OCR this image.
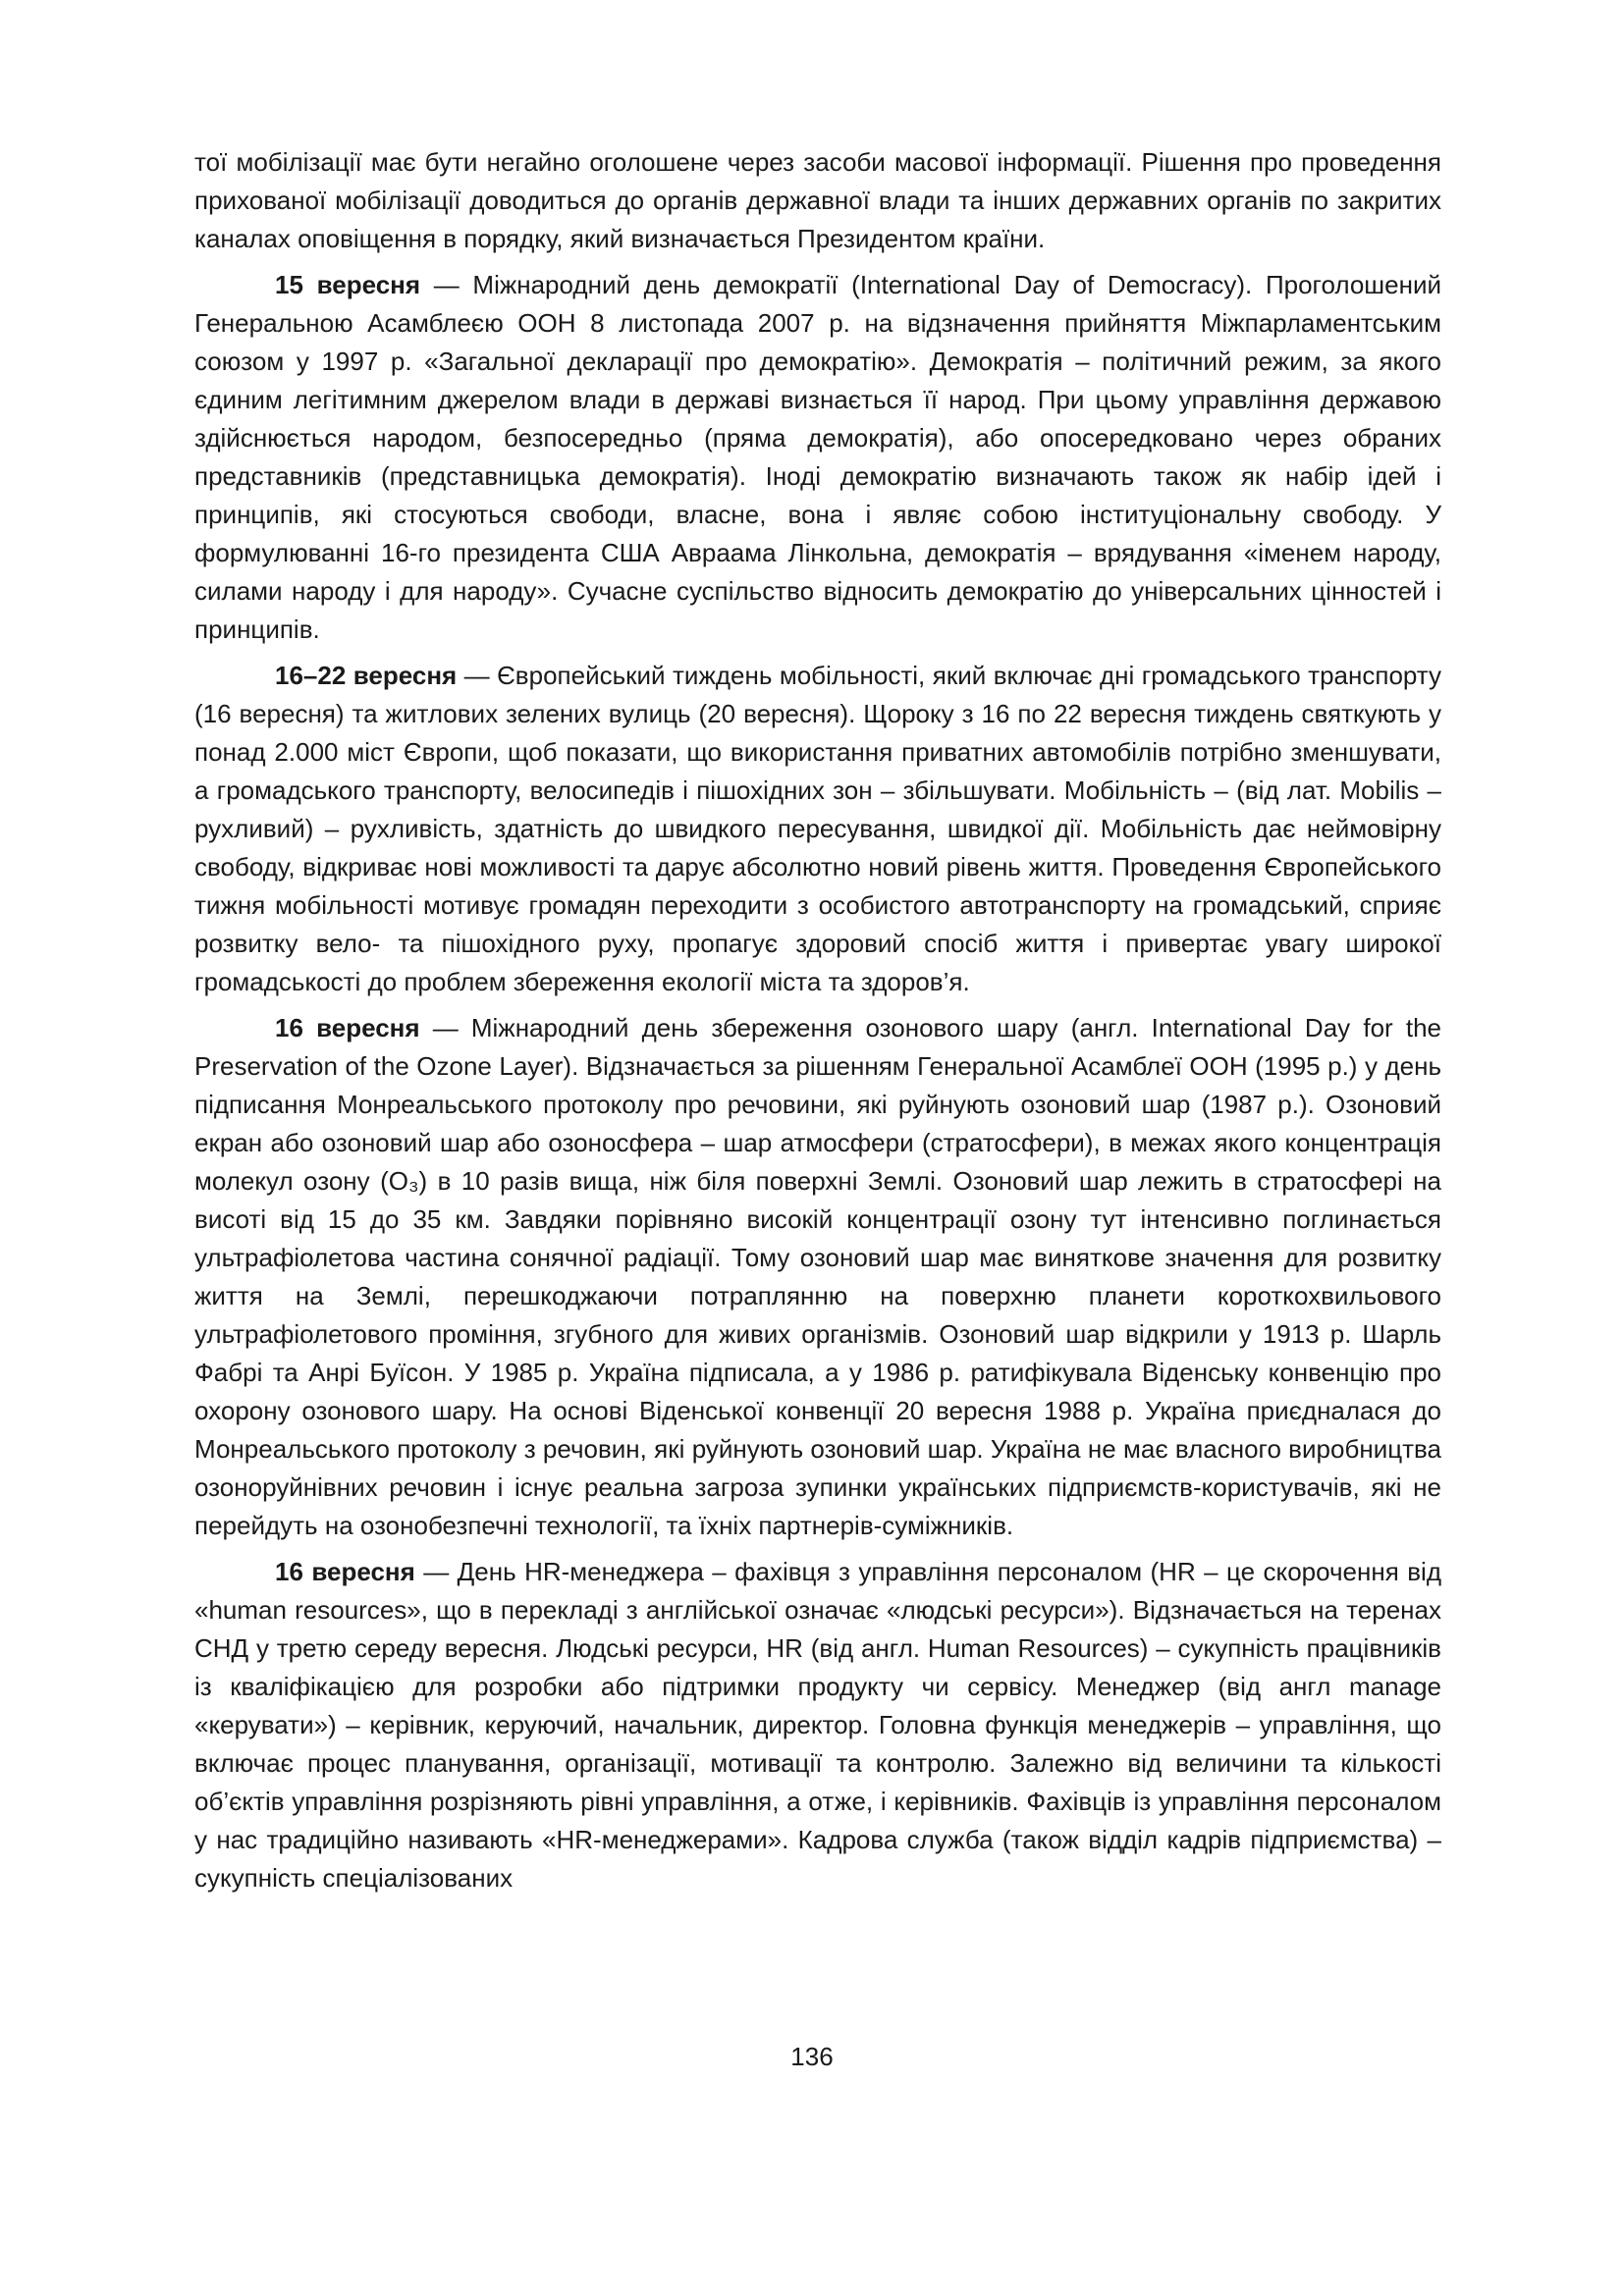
тої мобілізації має бути негайно оголошене через засоби масової інформації. Рішення про проведення прихованої мобілізації доводиться до органів державної влади та інших державних органів по закритих каналах оповіщення в порядку, який визначається Президентом країни.

15 вересня — Міжнародний день демократії (International Day of Democracy). Проголошений Генеральною Асамблеєю ООН 8 листопада 2007 р. на відзначення прийняття Міжпарламентським союзом у 1997 р. «Загальної декларації про демократію». Демократія – політичний режим, за якого єдиним легітимним джерелом влади в державі визнається її народ. При цьому управління державою здійснюється народом, безпосередньо (пряма демократія), або опосередковано через обраних представників (представницька демократія). Іноді демократію визначають також як набір ідей і принципів, які стосуються свободи, власне, вона і являє собою інституціональну свободу. У формулюванні 16-го президента США Авраама Лінкольна, демократія – врядування «іменем народу, силами народу і для народу». Сучасне суспільство відносить демократію до універсальних цінностей і принципів.

16–22 вересня — Європейський тиждень мобільності, який включає дні громадського транспорту (16 вересня) та житлових зелених вулиць (20 вересня). Щороку з 16 по 22 вересня тиждень святкують у понад 2.000 міст Європи, щоб показати, що використання приватних автомобілів потрібно зменшувати, а громадського транспорту, велосипедів і пішохідних зон – збільшувати. Мобільність – (від лат. Mobilis – рухливий) – рухливість, здатність до швидкого пересування, швидкої дії. Мобільність дає неймовірну свободу, відкриває нові можливості та дарує абсолютно новий рівень життя. Проведення Європейського тижня мобільності мотивує громадян переходити з особистого автотранспорту на громадський, сприяє розвитку вело- та пішохідного руху, пропагує здоровий спосіб життя і привертає увагу широкої громадськості до проблем збереження екології міста та здоров’я.

16 вересня — Міжнародний день збереження озонового шару (англ. International Day for the Preservation of the Ozone Layer). Відзначається за рішенням Генеральної Асамблеї ООН (1995 р.) у день підписання Монреальського протоколу про речовини, які руйнують озоновий шар (1987 р.). Озоновий екран або озоновий шар або озоносфера – шар атмосфери (стратосфери), в межах якого концентрація молекул озону (O₃) в 10 разів вища, ніж біля поверхні Землі. Озоновий шар лежить в стратосфері на висоті від 15 до 35 км. Завдяки порівняно високій концентрації озону тут інтенсивно поглинається ультрафіолетова частина сонячної радіації. Тому озоновий шар має виняткове значення для розвитку життя на Землі, перешкоджаючи потраплянню на поверхню планети короткохвильового ультрафіолетового проміння, згубного для живих організмів. Озоновий шар відкрили у 1913 р. Шарль Фабрі та Анрі Буїсон. У 1985 р. Україна підписала, а у 1986 р. ратифікувала Віденську конвенцію про охорону озонового шару. На основі Віденської конвенції 20 вересня 1988 р. Україна приєдналася до Монреальського протоколу з речовин, які руйнують озоновий шар. Україна не має власного виробництва озоноруйнівних речовин і існує реальна загроза зупинки українських підприємств-користувачів, які не перейдуть на озонобезпечні технології, та їхніх партнерів-суміжників.

16 вересня — День HR-менеджера – фахівця з управління персоналом (HR – це скорочення від «human resources», що в перекладі з англійської означає «людські ресурси»). Відзначається на теренах СНД у третю середу вересня. Людські ресурси, HR (від англ. Human Resources) – сукупність працівників із кваліфікацією для розробки або підтримки продукту чи сервісу. Менеджер (від англ manage «керувати») – керівник, керуючий, начальник, директор. Головна функція менеджерів – управління, що включає процес планування, організації, мотивації та контролю. Залежно від величини та кількості об’єктів управління розрізняють рівні управління, а отже, і керівників. Фахівців із управління персоналом у нас традиційно називають «HR-менеджерами». Кадрова служба (також відділ кадрів підприємства) – сукупність спеціалізованих

136
